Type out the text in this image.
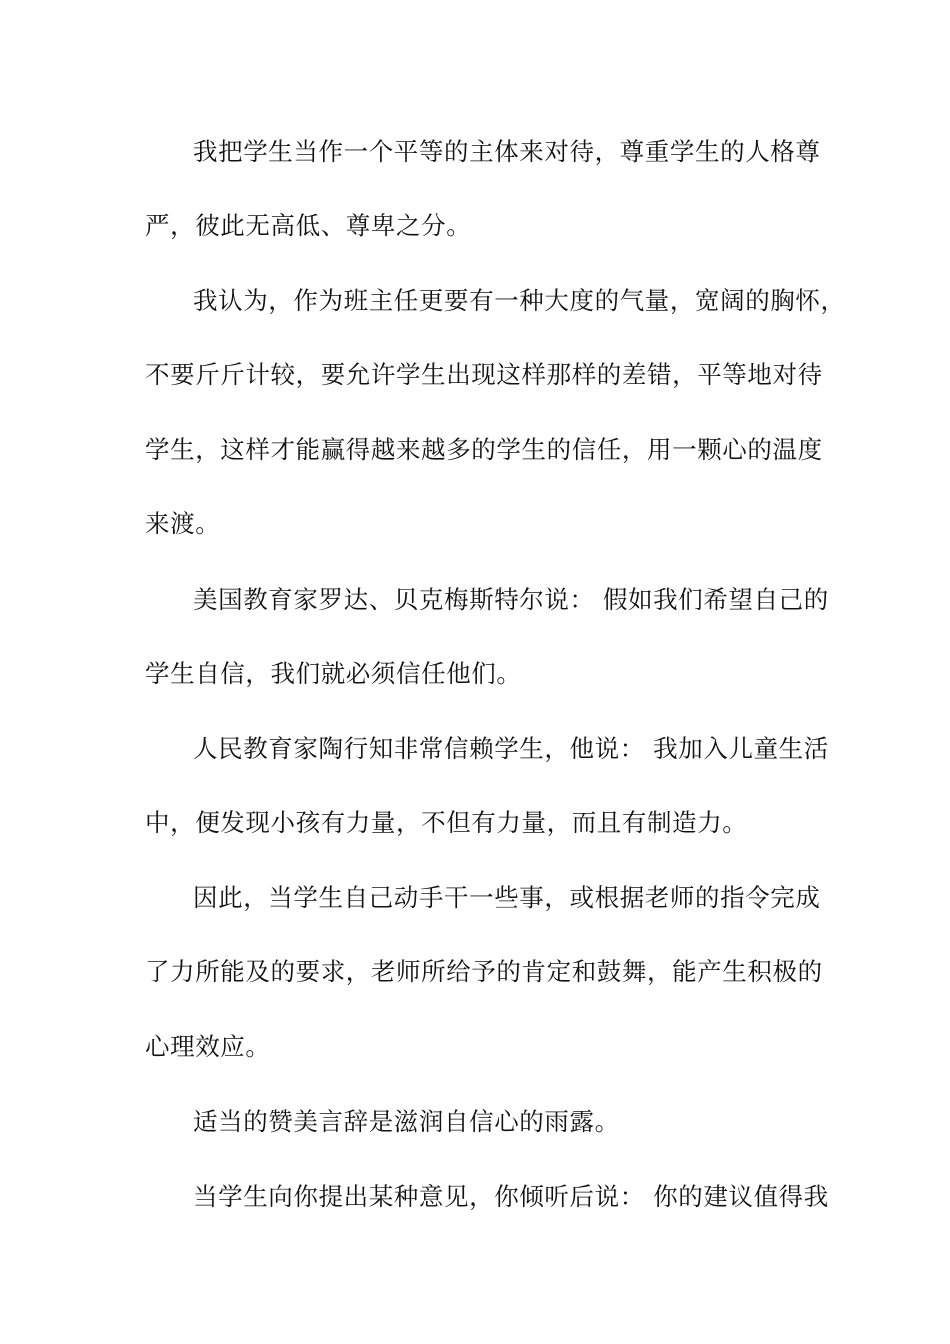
我把学生当作一个平等的主体来对待，尊重学生的人格尊
严，彼此无高低、尊卑之分。
我认为，作为班主任更要有一种大度的气量，宽阔的胸怀，
不要斤斤计较，要允许学生出现这样那样的差错，平等地对待
学生，这样才能赢得越来越多的学生的信任，用一颗心的温度
来渡。
美国教育家罗达、贝克梅斯特尔说： 假如我们希望自己的
学生自信，我们就必须信任他们。
人民教育家陶行知非常信赖学生，他说： 我加入儿童生活
中，便发现小孩有力量，不但有力量，而且有制造力。
因此，当学生自己动手干一些事，或根据老师的指令完成
了力所能及的要求，老师所给予的肯定和鼓舞，能产生积极的
心理效应。
适当的赞美言辞是滋润自信心的雨露。
当学生向你提出某种意见，你倾听后说： 你的建议值得我
